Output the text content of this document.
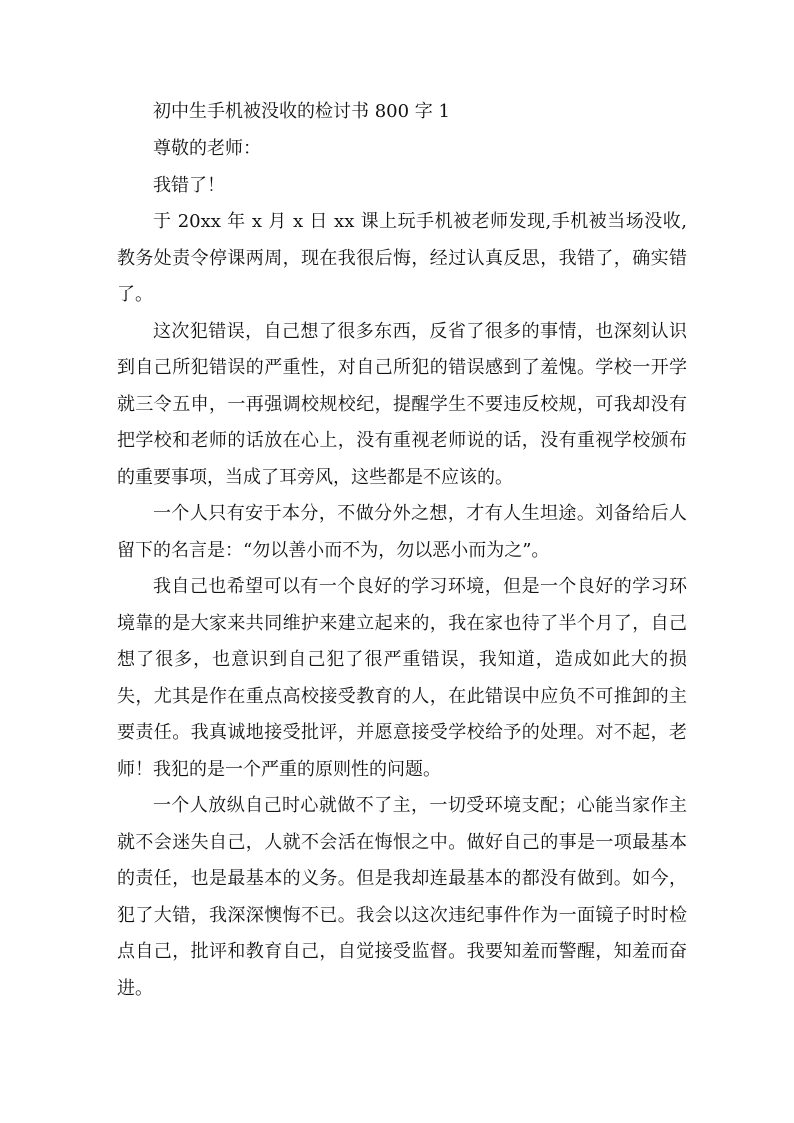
初中生手机被没收的检讨书 800 字 1

尊敬的老师：

我错了！

于 20xx 年 x 月 x 日 xx 课上玩手机被老师发现,手机被当场没收,教务处责令停课两周，现在我很后悔，经过认真反思，我错了，确实错了。

这次犯错误，自己想了很多东西，反省了很多的事情，也深刻认识到自己所犯错误的严重性，对自己所犯的错误感到了羞愧。学校一开学就三令五申，一再强调校规校纪，提醒学生不要违反校规，可我却没有把学校和老师的话放在心上，没有重视老师说的话，没有重视学校颁布的重要事项，当成了耳旁风，这些都是不应该的。

一个人只有安于本分，不做分外之想，才有人生坦途。刘备给后人留下的名言是：“勿以善小而不为，勿以恶小而为之”。

我自己也希望可以有一个良好的学习环境，但是一个良好的学习环境靠的是大家来共同维护来建立起来的，我在家也待了半个月了，自己想了很多，也意识到自己犯了很严重错误，我知道，造成如此大的损失，尤其是作在重点高校接受教育的人，在此错误中应负不可推卸的主要责任。我真诚地接受批评，并愿意接受学校给予的处理。对不起，老师！我犯的是一个严重的原则性的问题。

一个人放纵自己时心就做不了主，一切受环境支配；心能当家作主就不会迷失自己，人就不会活在悔恨之中。做好自己的事是一项最基本的责任，也是最基本的义务。但是我却连最基本的都没有做到。如今，犯了大错，我深深懊悔不已。我会以这次违纪事件作为一面镜子时时检点自己，批评和教育自己，自觉接受监督。我要知羞而警醒，知羞而奋进。
